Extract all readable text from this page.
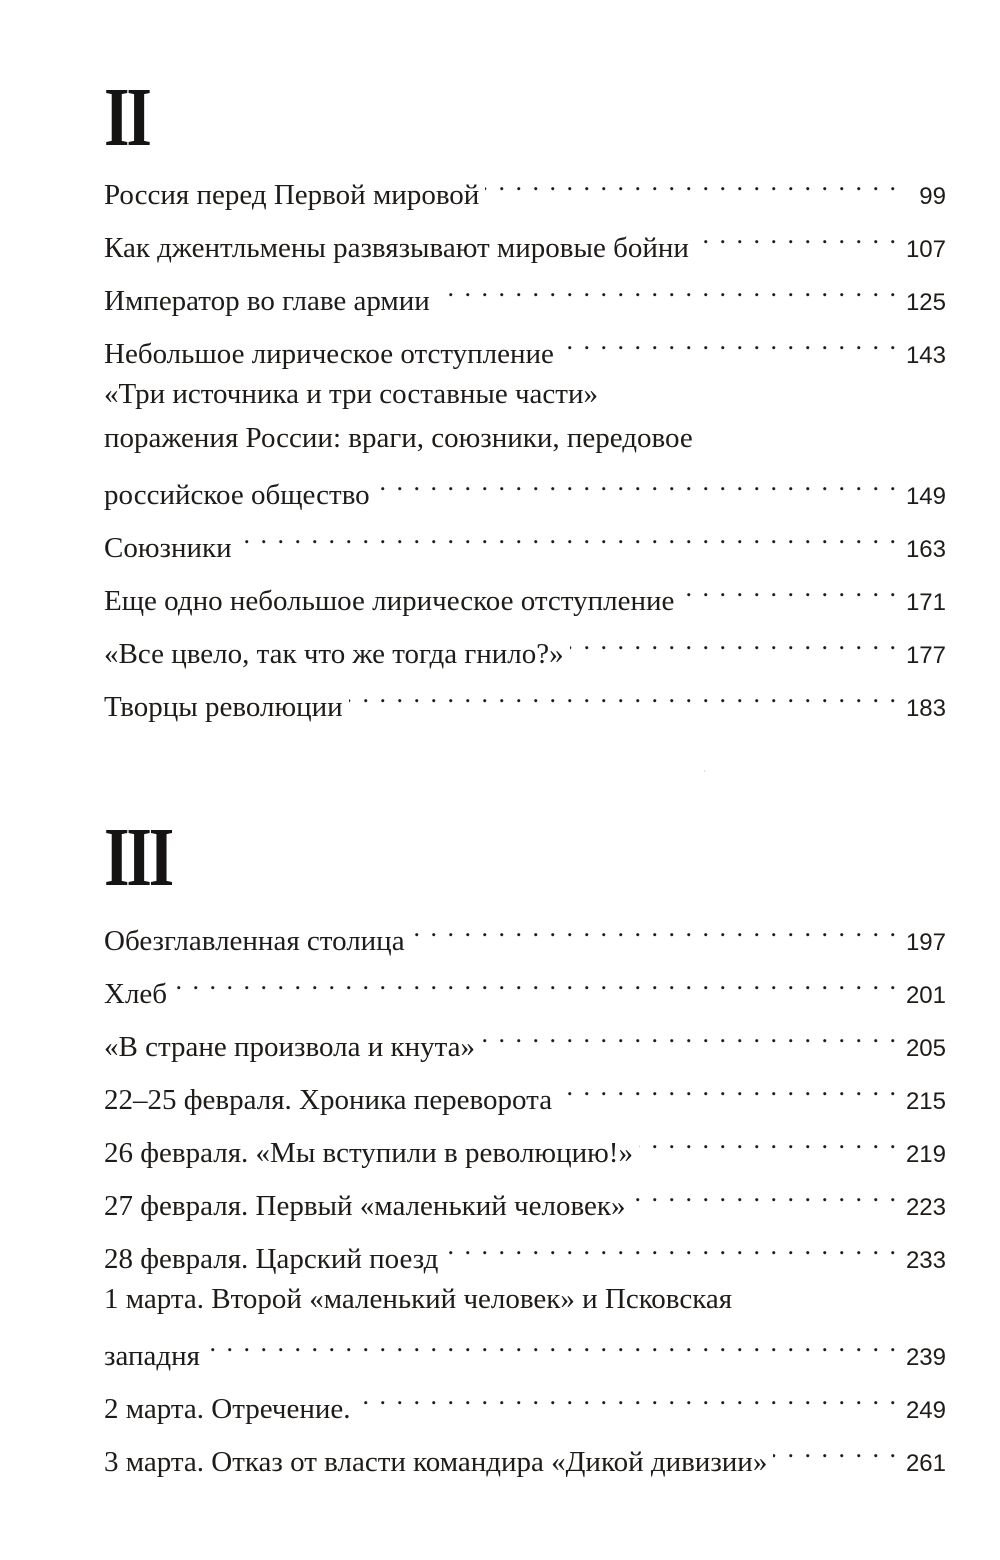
II
Россия перед Первой мировой . . .	99
Как джентльмены развязывают мировые бойни . . .	107
Император во главе армии . . .	125
Небольшое лирическое отступление . . .	143
«Три источника и три составные части»
поражения России: враги, союзники, передовое
российское общество . . .	149
Союзники . . .	163
Еще одно небольшое лирическое отступление . . .	171
«Все цвело, так что же тогда гнило?» . . .	177
Творцы революции . . .	183
III
Обезглавленная столица . . .	197
Хлеб . . .	201
«В стране произвола и кнута» . . .	205
22–25 февраля. Хроника переворота . . .	215
26 февраля. «Мы вступили в революцию!» . . .	219
27 февраля. Первый «маленький человек» . . .	223
28 февраля. Царский поезд . . .	233
1 марта. Второй «маленький человек» и Псковская
западня . . .	239
2 марта. Отречение. . . .	249
3 марта. Отказ от власти командира «Дикой дивизии» . . .	261
